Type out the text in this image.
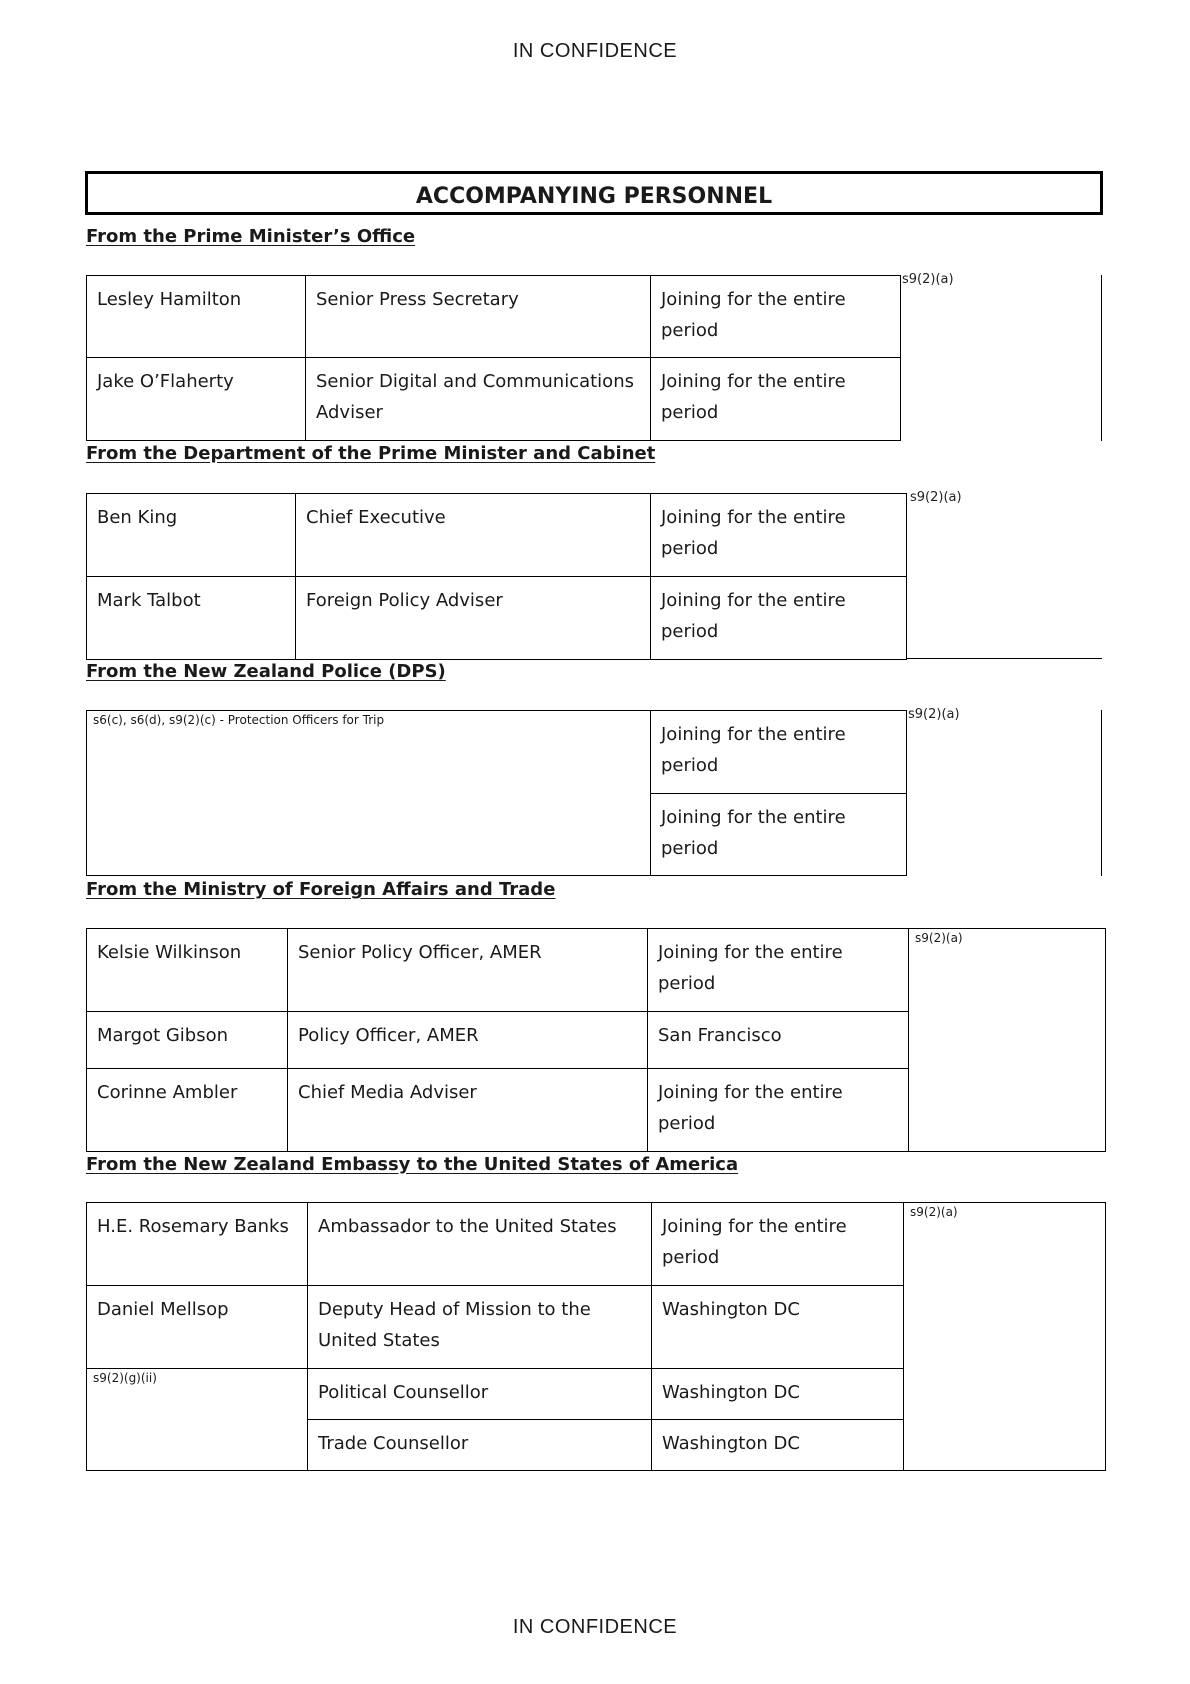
IN CONFIDENCE
ACCOMPANYING PERSONNEL
From the Prime Minister’s Office
Lesley Hamilton	Senior Press Secretary	Joining for the entire period
Jake O’Flaherty	Senior Digital and Communications Adviser	Joining for the entire period
s9(2)(a)
From the Department of the Prime Minister and Cabinet
Ben King	Chief Executive	Joining for the entire period
Mark Talbot	Foreign Policy Adviser	Joining for the entire period
s9(2)(a)
From the New Zealand Police (DPS)
s6(c), s6(d), s9(2)(c) - Protection Officers for Trip	Joining for the entire period
Joining for the entire period
s9(2)(a)
From the Ministry of Foreign Affairs and Trade
Kelsie Wilkinson	Senior Policy Officer, AMER	Joining for the entire period	s9(2)(a)
Margot Gibson	Policy Officer, AMER	San Francisco	
Corinne Ambler	Chief Media Adviser	Joining for the entire period	
From the New Zealand Embassy to the United States of America
H.E. Rosemary Banks	Ambassador to the United States	Joining for the entire period	s9(2)(a)
Daniel Mellsop	Deputy Head of Mission to the United States	Washington DC	
s9(2)(g)(ii)	Political Counsellor	Washington DC	
	Trade Counsellor	Washington DC	
IN CONFIDENCE
